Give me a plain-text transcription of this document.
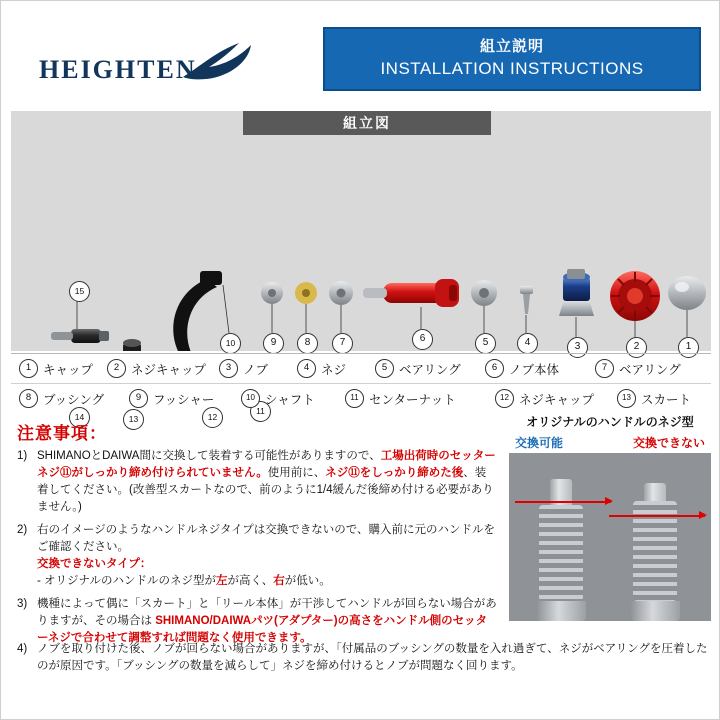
HEIGHTEN
組立説明
INSTALLATION INSTRUCTIONS
組立図
1
2
3
4
5
6
7
8
9
10
11
12
13
14
15
1 キャップ	2 ネジキャップ	3 ノブ	4 ネジ	5 ベアリング	6 ノブ本体	7 ベアリング
8 ブッシング	9 フッシャー	10 シャフト	11 センターナット	12 ネジキャップ	13 スカート
注意事項：
1) SHIMANOとDAIWA間に交換して装着する可能性がありますので、工場出荷時のセッターネジ⑪がしっかり締め付けられていません。使用前に、ネジ⑪をしっかり締めた後、装着してください。(改善型スカートなので、前のように1/4緩んだ後締め付ける必要がありません。)
2) 右のイメージのようなハンドルネジタイプは交換できないので、購入前に元のハンドルをご確認ください。
交換できないタイプ：
- オリジナルのハンドルのネジ型が左が高く、右が低い。
3) 機種によって偶に「スカート」と「リール本体」が干渉してハンドルが回らない場合がありますが、その場合は SHIMANO/DAIWAパツ(アダプター)の高さをハンドル側のセッターネジで合わせて調整すれば問題なく使用できます。
4) ノブを取り付けた後、ノブが回らない場合がありますが、「付属品のブッシングの数量を入れ過ぎて、ネジがベアリングを圧着したのが原因です。「ブッシングの数量を減らして」ネジを締め付けるとノブが問題なく回ります。
オリジナルのハンドルのネジ型
交換可能	交換できない
